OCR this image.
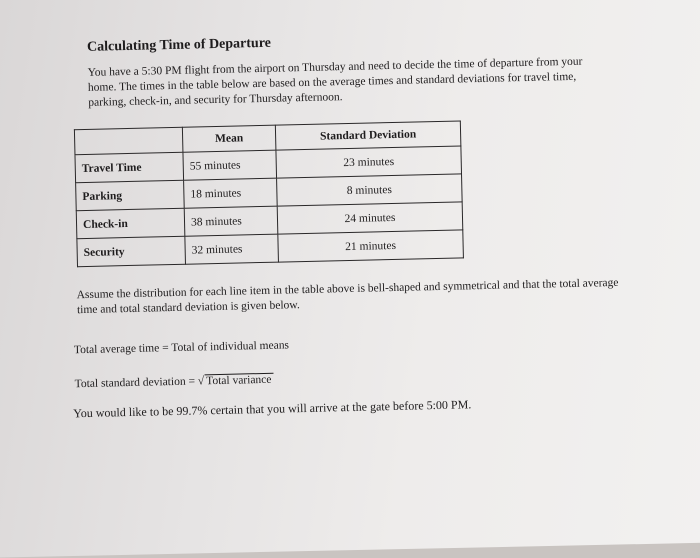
Calculating Time of Departure
You have a 5:30 PM flight from the airport on Thursday and need to decide the time of departure from your home. The times in the table below are based on the average times and standard deviations for travel time, parking, check-in, and security for Thursday afternoon.
	Mean	Standard Deviation
Travel Time	55 minutes	23 minutes
Parking	18 minutes	8 minutes
Check-in	38 minutes	24 minutes
Security	32 minutes	21 minutes
Assume the distribution for each line item in the table above is bell-shaped and symmetrical and that the total average time and total standard deviation is given below.
Total average time = Total of individual means
Total standard deviation = √ Total variance
You would like to be 99.7% certain that you will arrive at the gate before 5:00 PM.
